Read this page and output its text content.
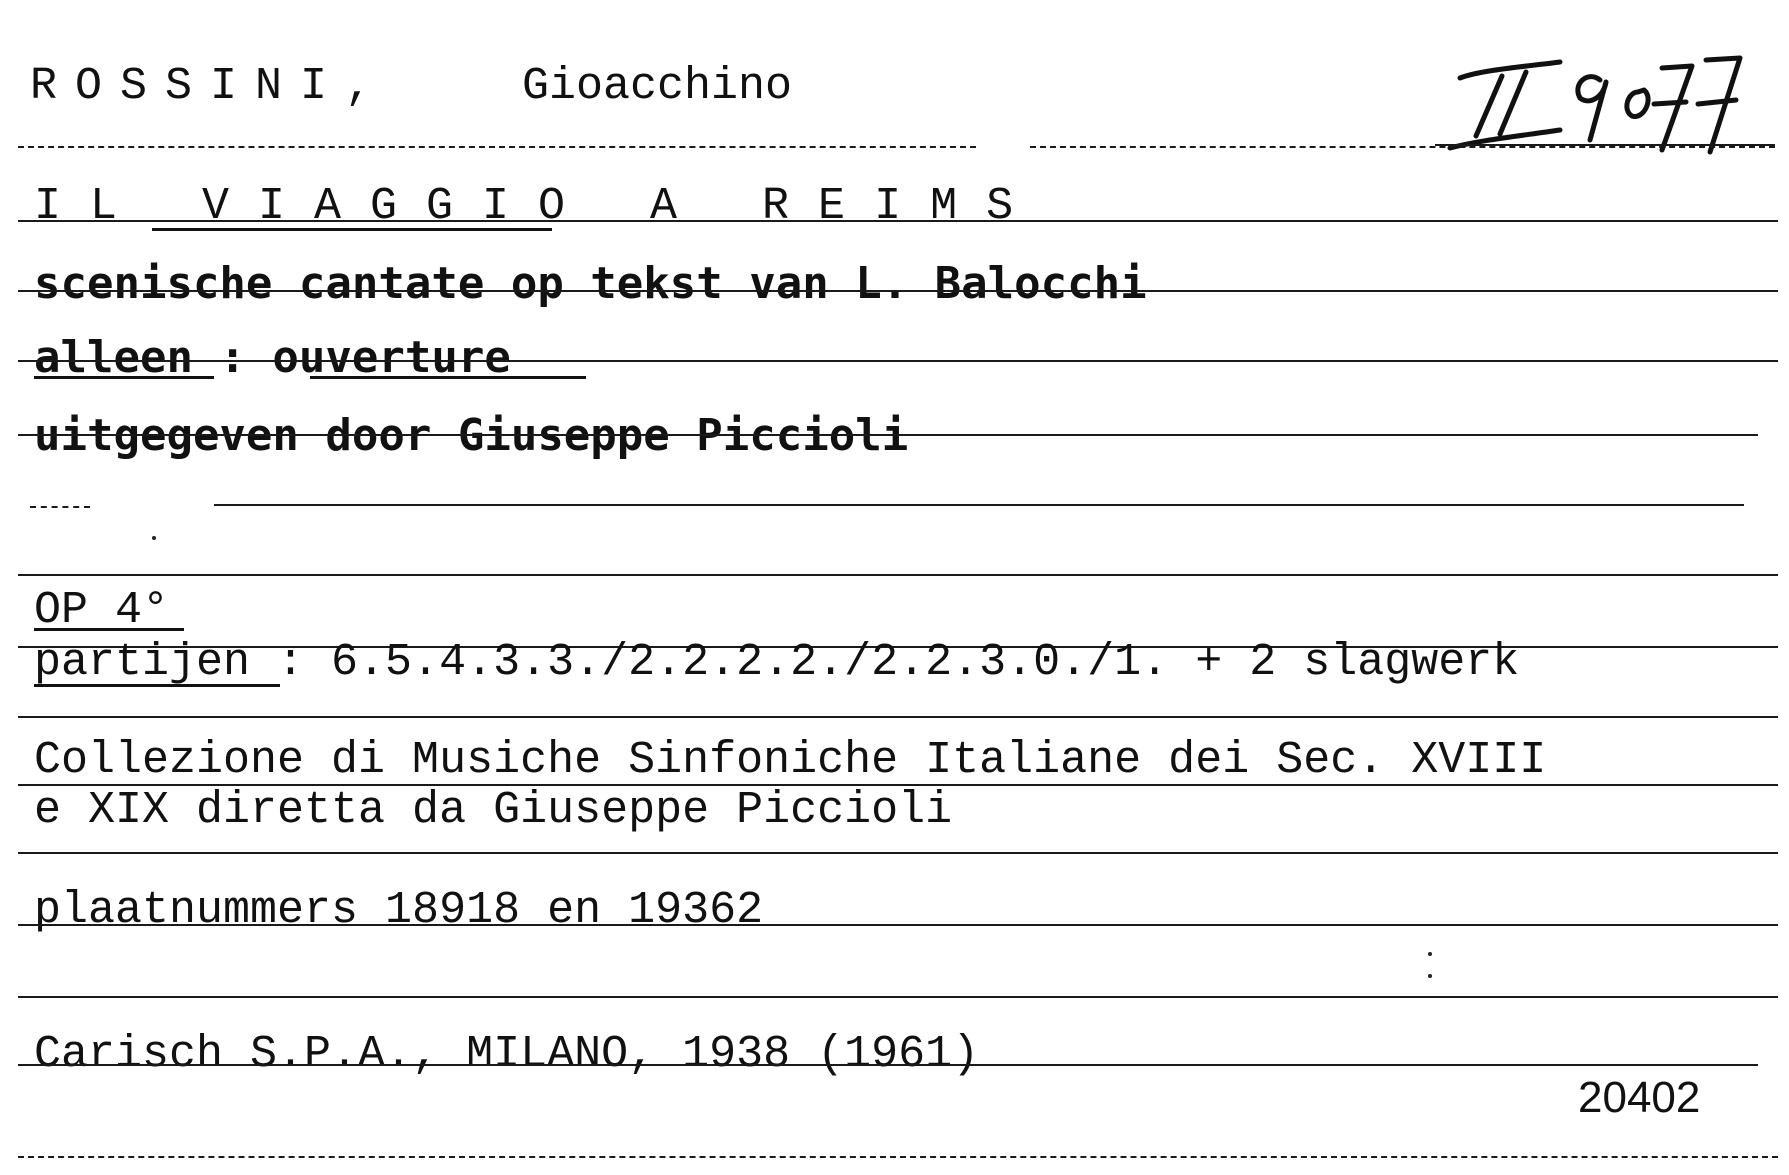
ROSSINI,	Gioacchino
IL VIAGGIO A REIMS
scenische cantate op tekst van L. Balocchi
alleen : ouverture
uitgegeven door Giuseppe Piccioli
OP 4°
partijen : 6.5.4.3.3./2.2.2.2./2.2.3.0./1. + 2 slagwerk
Collezione di Musiche Sinfoniche Italiane dei Sec. XVIII
e XIX diretta da Giuseppe Piccioli
plaatnummers 18918 en 19362
Carisch S.P.A., MILANO, 1938 (1961)
20402
